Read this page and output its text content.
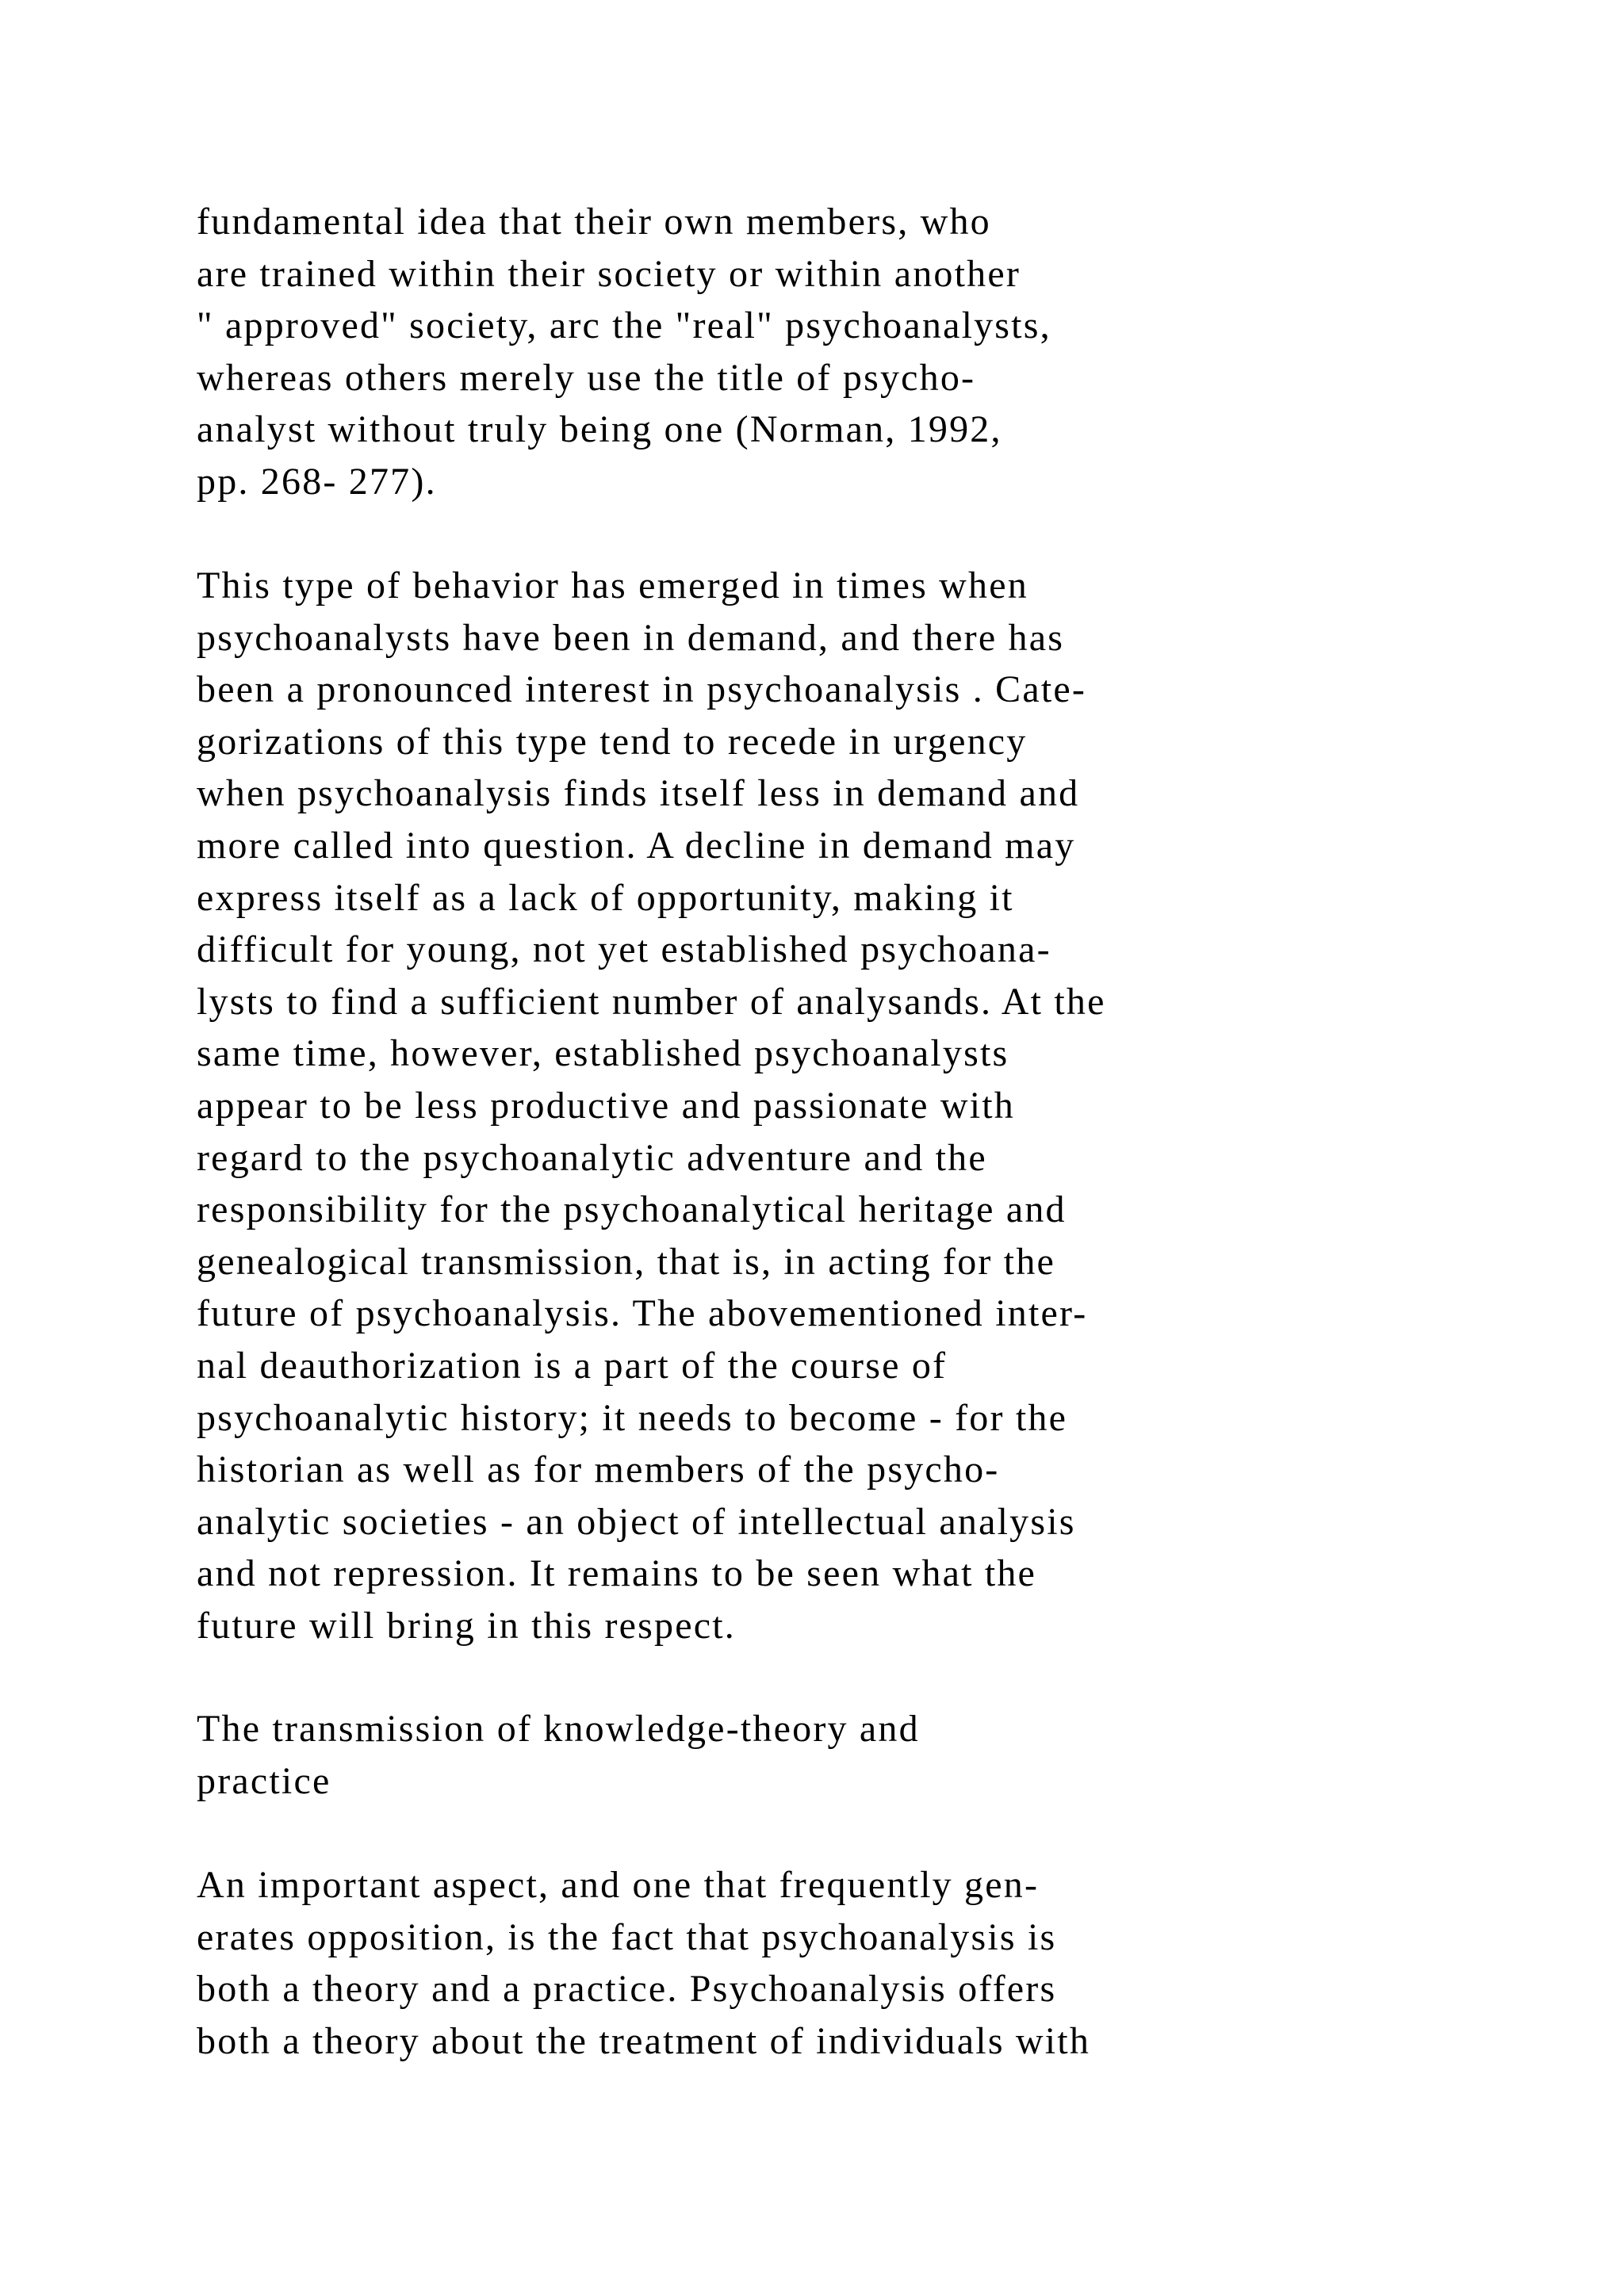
fundamental idea that their own members, who
are trained within their society or within another
" approved" society, arc the "real" psychoanalysts,
whereas others merely use the title of psycho-
analyst without truly being one (Norman, 1992,
pp. 268- 277).
This type of behavior has emerged in times when
psychoanalysts have been in demand, and there has
been a pronounced interest in psychoanalysis . Cate-
gorizations of this type tend to recede in urgency
when psychoanalysis finds itself less in demand and
more called into question. A decline in demand may
express itself as a lack of opportunity, making it
difficult for young, not yet established psychoana-
lysts to find a sufficient number of analysands. At the
same time, however, established psychoanalysts
appear to be less productive and passionate with
regard to the psychoanalytic adventure and the
responsibility for the psychoanalytical heritage and
genealogical transmission, that is, in acting for the
future of psychoanalysis. The abovementioned inter-
nal deauthorization is a part of the course of
psychoanalytic history; it needs to become - for the
historian as well as for members of the psycho-
analytic societies - an object of intellectual analysis
and not repression. It remains to be seen what the
future will bring in this respect.
The transmission of knowledge-theory and
practice
An important aspect, and one that frequently gen-
erates opposition, is the fact that psychoanalysis is
both a theory and a practice. Psychoanalysis offers
both a theory about the treatment of individuals with
